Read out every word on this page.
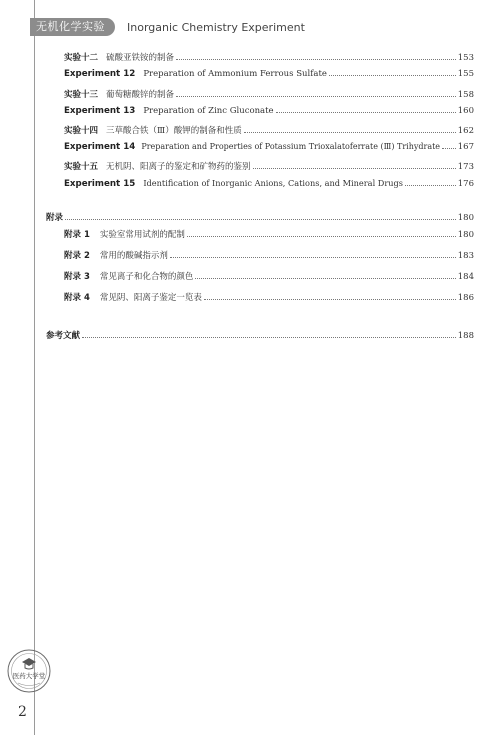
无机化学实验	Inorganic Chemistry Experiment
实验十二 硫酸亚铁铵的制备	153
Experiment 12 Preparation of Ammonium Ferrous Sulfate	155
实验十三 葡萄糖酸锌的制备	158
Experiment 13 Preparation of Zinc Gluconate	160
实验十四 三草酸合铁（Ⅲ）酸钾的制备和性质	162
Experiment 14 Preparation and Properties of Potassium Trioxalatoferrate (Ⅲ) Trihydrate 167
实验十五 无机阴、阳离子的鉴定和矿物药的鉴别	173
Experiment 15 Identification of Inorganic Anions, Cations, and Mineral Drugs	176
附录	180
附录 1 实验室常用试剂的配制	180
附录 2 常用的酸碱指示剂	183
附录 3 常见离子和化合物的颜色	184
附录 4 常见阴、阳离子鉴定一览表	186
参考文献	188
医药大学堂
2
